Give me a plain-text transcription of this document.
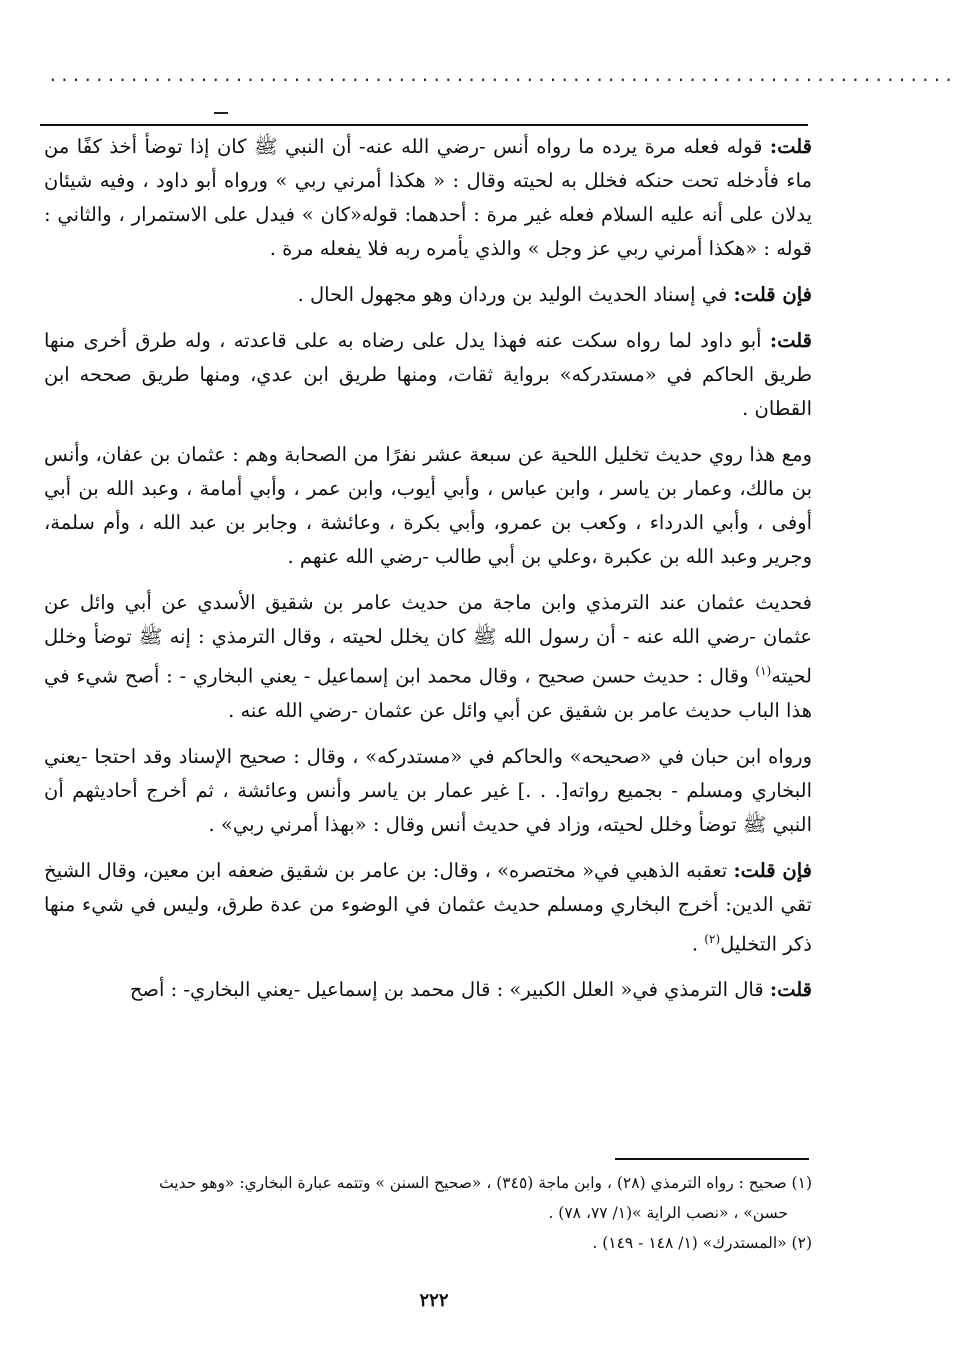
..............................................................................

قلت: قوله فعله مرة يرده ما رواه أنس -رضي الله عنه- أن النبي ﷺ كان إذا توضأ أخذ كفًا من ماء فأدخله تحت حنكه فخلل به لحيته وقال : « هكذا أمرني ربي » ورواه أبو داود ، وفيه شيئان يدلان على أنه عليه السلام فعله غير مرة : أحدهما: قوله«كان » فيدل على الاستمرار ، والثاني : قوله : «هكذا أمرني ربي عز وجل » والذي يأمره ربه فلا يفعله مرة .

فإن قلت: في إسناد الحديث الوليد بن وردان وهو مجهول الحال .

قلت: أبو داود لما رواه سكت عنه فهذا يدل على رضاه به على قاعدته ، وله طرق أخرى منها طريق الحاكم في «مستدركه» برواية ثقات، ومنها طريق ابن عدي، ومنها طريق صححه ابن القطان .

ومع هذا روي حديث تخليل اللحية عن سبعة عشر نفرًا من الصحابة وهم : عثمان بن عفان، وأنس بن مالك، وعمار بن ياسر ، وابن عباس ، وأبي أيوب، وابن عمر ، وأبي أمامة ، وعبد الله بن أبي أوفى ، وأبي الدرداء ، وكعب بن عمرو، وأبي بكرة ، وعائشة ، وجابر بن عبد الله ، وأم سلمة، وجرير وعبد الله بن عكبرة ،وعلي بن أبي طالب -رضي الله عنهم .

فحديث عثمان عند الترمذي وابن ماجة من حديث عامر بن شقيق الأسدي عن أبي وائل عن عثمان -رضي الله عنه - أن رسول الله ﷺ كان يخلل لحيته ، وقال الترمذي : إنه ﷺ توضأ وخلل لحيته$^{(١)}$ وقال : حديث حسن صحيح ، وقال محمد ابن إسماعيل - يعني البخاري - : أصح شيء في هذا الباب حديث عامر بن شقيق عن أبي وائل عن عثمان -رضي الله عنه .

ورواه ابن حبان في «صحيحه» والحاكم في «مستدركه» ، وقال : صحيح الإسناد وقد احتجا -يعني البخاري ومسلم - بجميع رواته[. . .] غير عمار بن ياسر وأنس وعائشة ، ثم أخرج أحاديثهم أن النبي ﷺ توضأ وخلل لحيته، وزاد في حديث أنس وقال : «بهذا أمرني ربي» .

فإن قلت: تعقبه الذهبي في« مختصره» ، وقال: بن عامر بن شقيق ضعفه ابن معين، وقال الشيخ تقي الدين: أخرج البخاري ومسلم حديث عثمان في الوضوء من عدة طرق، وليس في شيء منها ذكر التخليل$^{(٢)}$ .

قلت: قال الترمذي في« العلل الكبير» : قال محمد بن إسماعيل -يعني البخاري- : أصح

(١) صحيح : رواه الترمذي (٢٨) ، وابن ماجة (٣٤٥) ، «صحيح السنن » وتتمه عبارة البخاري: «وهو حديث

حسن» ، «نصب الراية »(١/ ٧٧، ٧٨) .

(٢) «المستدرك» (١/ ١٤٨ - ١٤٩) .

٢٢٢
